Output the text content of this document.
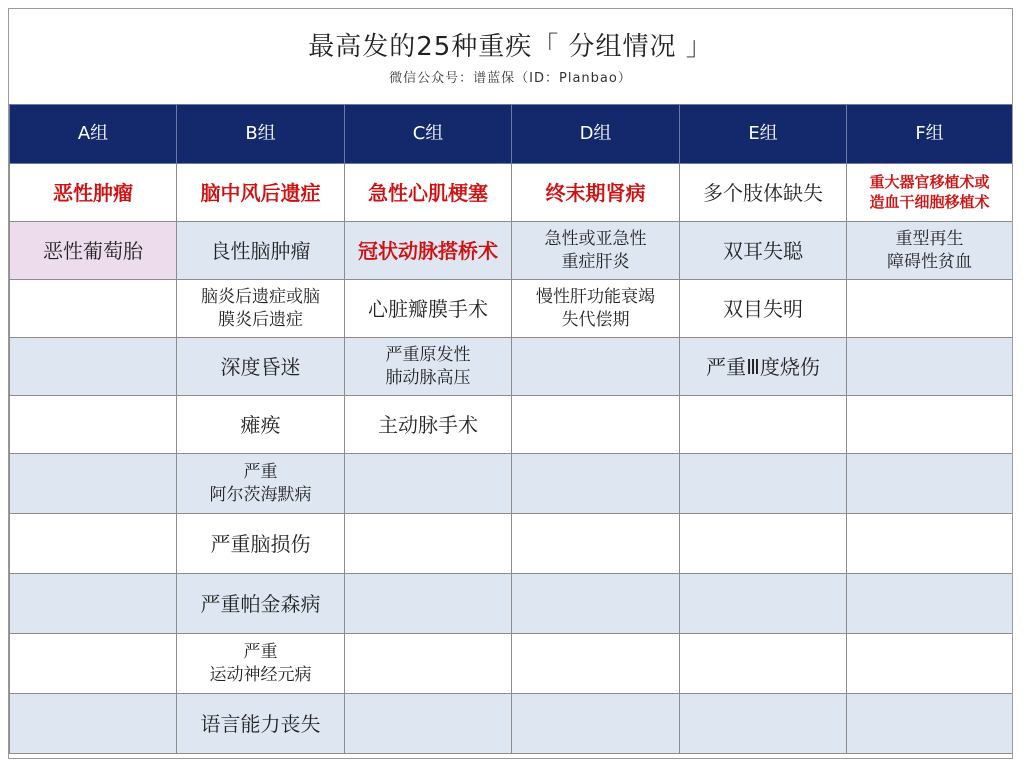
最高发的25种重疾「 分组情况 」
微信公众号：谱蓝保（ID：Planbao）
A组	B组	C组	D组	E组	F组
恶性肿瘤	脑中风后遗症	急性心肌梗塞	终末期肾病	多个肢体缺失	重大器官移植术或
造血干细胞移植术

恶性葡萄胎	良性脑肿瘤	冠状动脉搭桥术	急性或亚急性
重症肝炎	双耳失聪	重型再生
障碍性贫血

	脑炎后遗症或脑
膜炎后遗症	心脏瓣膜手术	慢性肝功能衰竭
失代偿期	双目失明	
	深度昏迷	严重原发性
肺动脉高压		严重Ⅲ度烧伤	
	瘫痪	主动脉手术			

	严重
阿尔茨海默病				

	严重脑损伤				
	严重帕金森病				

	严重
运动神经元病				

	语言能力丧失				
